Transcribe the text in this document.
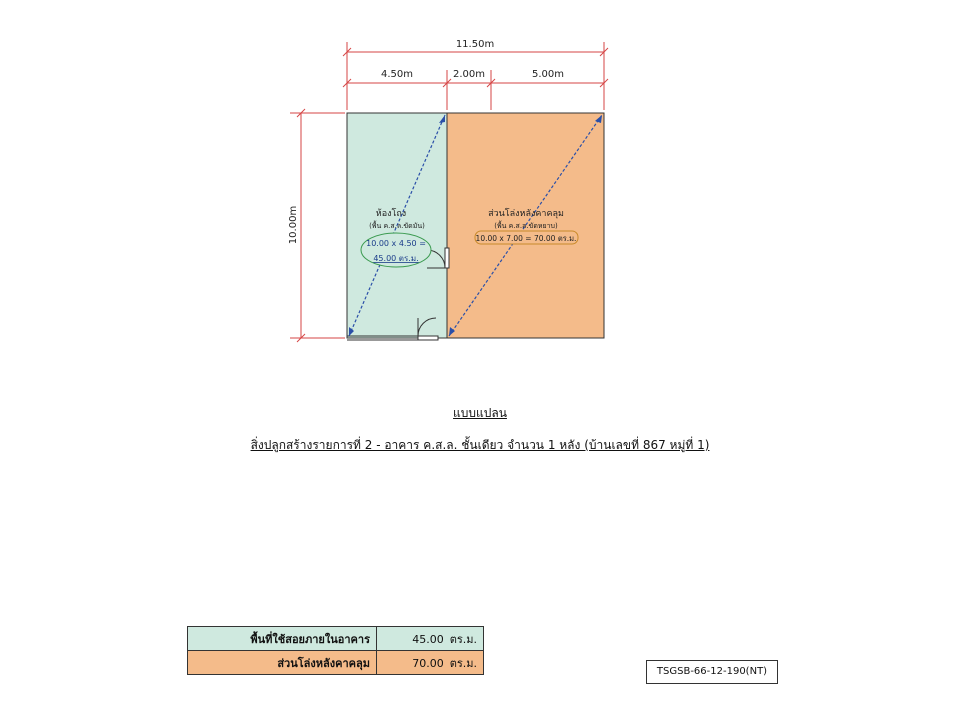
11.50m
4.50m	2.00m	5.00m
10.00m	ห้องโถง
(พื้น ค.ส.ล.ขัดมัน)
10.00 x 4.50 =
45.00 ตร.ม.
ส่วนโล่งหลังคาคลุม
(พื้น ค.ส.ล.ขัดหยาบ)
10.00 x 7.00 = 70.00 ตร.ม.
แบบแปลน
สิ่งปลูกสร้างรายการที่ 2 - อาคาร ค.ส.ล. ชั้นเดียว จำนวน 1 หลัง (บ้านเลขที่ 867 หมู่ที่ 1)
พื้นที่ใช้สอยภายในอาคาร	45.00 ตร.ม.
ส่วนโล่งหลังคาคลุม	70.00 ตร.ม.
TSGSB-66-12-190(NT)
